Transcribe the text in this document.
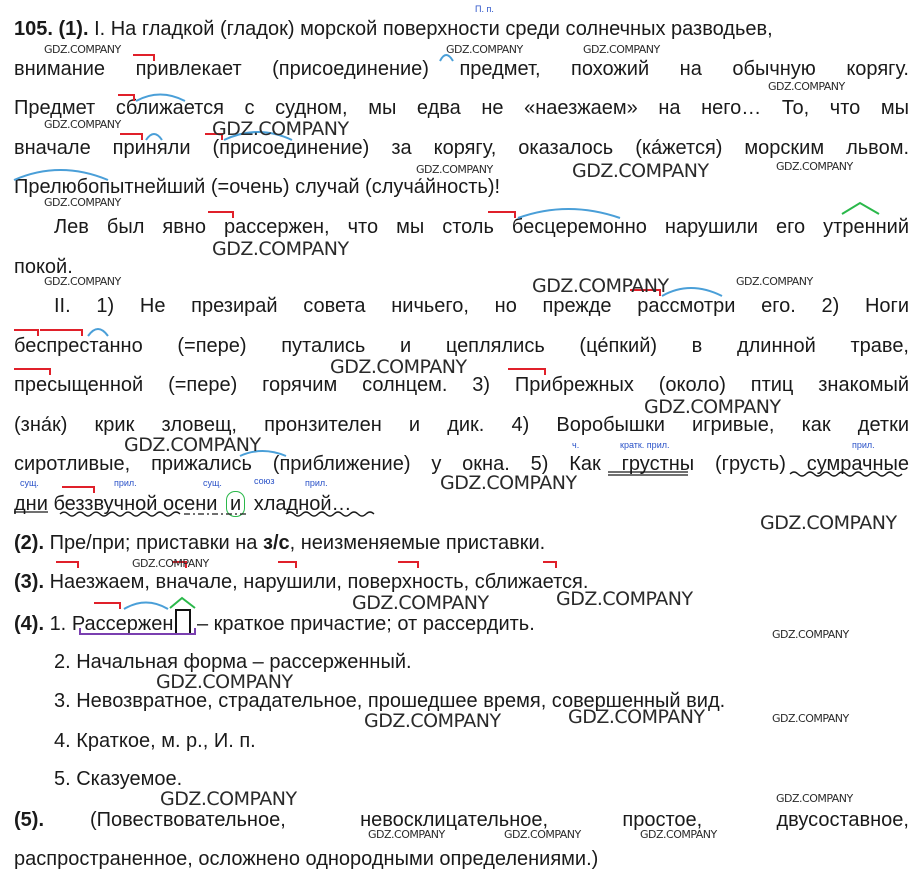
105. (1). I. На гладкой (гладок) морской поверхности среди солнечных разводьев,
внимание привлекает (присоединение) предмет, похожий на обычную корягу.
Предмет сближается с судном, мы едва не «наезжаем» на него… То, что мы
вначале приняли (присоединение) за корягу, оказалось (ка́жется) морским львом.
Прелюбопытнейший (=очень) случай (случа́йность)!
Лев был явно рассержен, что мы столь бесцеремонно нарушили его утренний
покой.
II. 1) Не презирай совета ничьего, но прежде рассмотри его. 2) Ноги
беспрестанно (=пере) путались и цеплялись (це́пкий) в длинной траве,
пресыщенной (=пере) горячим солнцем. 3) Прибрежных (около) птиц знакомый
(зна́к) крик зловещ, пронзителен и дик. 4) Воробышки игривые, как детки
сиротливые, прижались (приближение) у окна. 5) Как грустны (грусть) сумрачные
дни беззвучной осени и хладной…
(2). Пре/при; приставки на з/с, неизменяемые приставки.
(3). Наезжаем, вначале, нарушили, поверхность, сближается.
(4). 1. Рассержен – краткое причастие; от рассердить.
2. Начальная форма – рассерженный.
3. Невозвратное, страдательное, прошедшее время, совершенный вид.
4. Краткое, м. р., И. п.
5. Сказуемое.
(5).	(Повествовательное, невосклицательное, простое, двусоставное,
распространенное, осложнено однородными определениями.)
П. п.
ч.	кратк. прил.	прил.
сущ.	прил.	сущ.	союз	прил.
GDZ.COMPANY	GDZ.COMPANY	GDZ.COMPANY
GDZ.COMPANY
GDZ.COMPANY	GDZ.COMPANY
GDZ.COMPANY	GDZ.COMPANY	GDZ.COMPANY
GDZ.COMPANY
GDZ.COMPANY
GDZ.COMPANY	GDZ.COMPANY	GDZ.COMPANY
GDZ.COMPANY
GDZ.COMPANY
GDZ.COMPANY
GDZ.COMPANY
GDZ.COMPANY
GDZ.COMPANY
GDZ.COMPANY	GDZ.COMPANY
GDZ.COMPANY
GDZ.COMPANY
GDZ.COMPANY	GDZ.COMPANY	GDZ.COMPANY
GDZ.COMPANY	GDZ.COMPANY
GDZ.COMPANY	GDZ.COMPANY	GDZ.COMPANY
